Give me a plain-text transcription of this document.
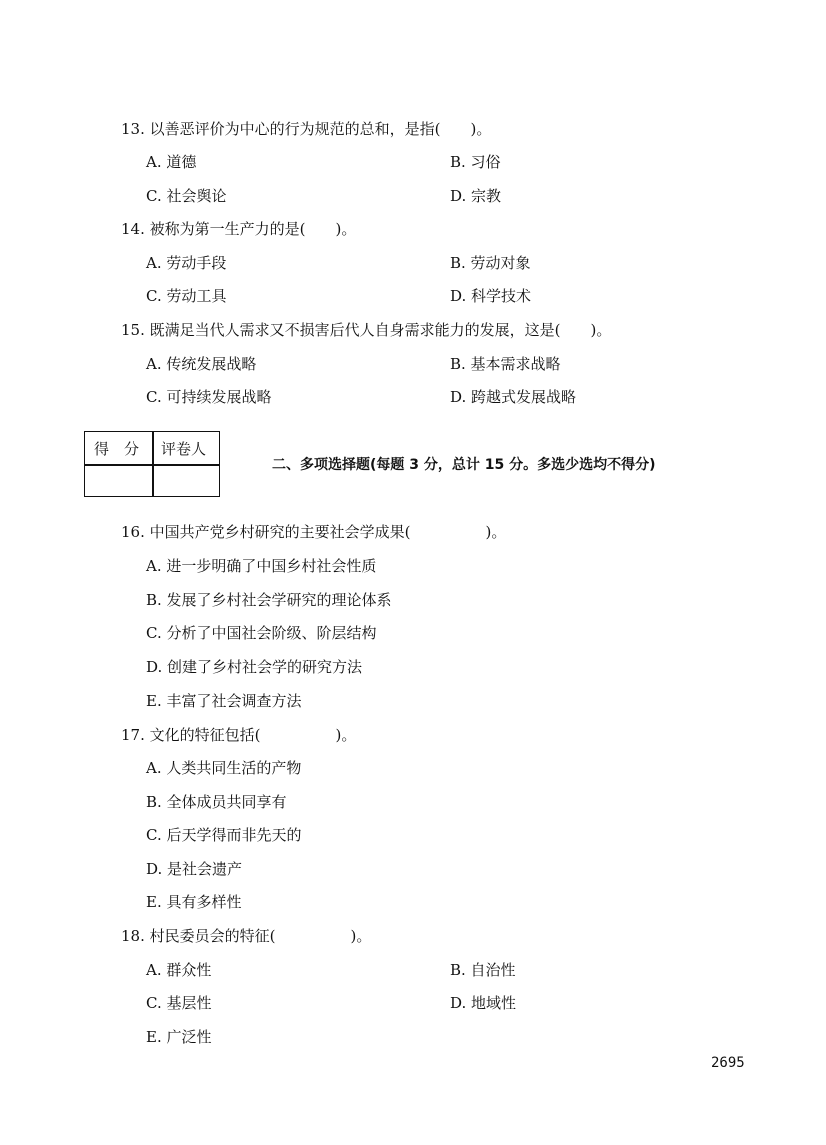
13. 以善恶评价为中心的行为规范的总和，是指(　　)。
A. 道德	B. 习俗
C. 社会舆论	D. 宗教
14. 被称为第一生产力的是(　　)。
A. 劳动手段	B. 劳动对象
C. 劳动工具	D. 科学技术
15. 既满足当代人需求又不损害后代人自身需求能力的发展，这是(　　)。
A. 传统发展战略	B. 基本需求战略
C. 可持续发展战略	D. 跨越式发展战略
得　分 评卷人
二、多项选择题(每题 3 分，总计 15 分。多选少选均不得分)
16. 中国共产党乡村研究的主要社会学成果(　　　　　)。
A. 进一步明确了中国乡村社会性质
B. 发展了乡村社会学研究的理论体系
C. 分析了中国社会阶级、阶层结构
D. 创建了乡村社会学的研究方法
E. 丰富了社会调查方法
17. 文化的特征包括(　　　　　)。
A. 人类共同生活的产物
B. 全体成员共同享有
C. 后天学得而非先天的
D. 是社会遗产
E. 具有多样性
18. 村民委员会的特征(　　　　　)。
A. 群众性	B. 自治性
C. 基层性	D. 地域性
E. 广泛性
2695
